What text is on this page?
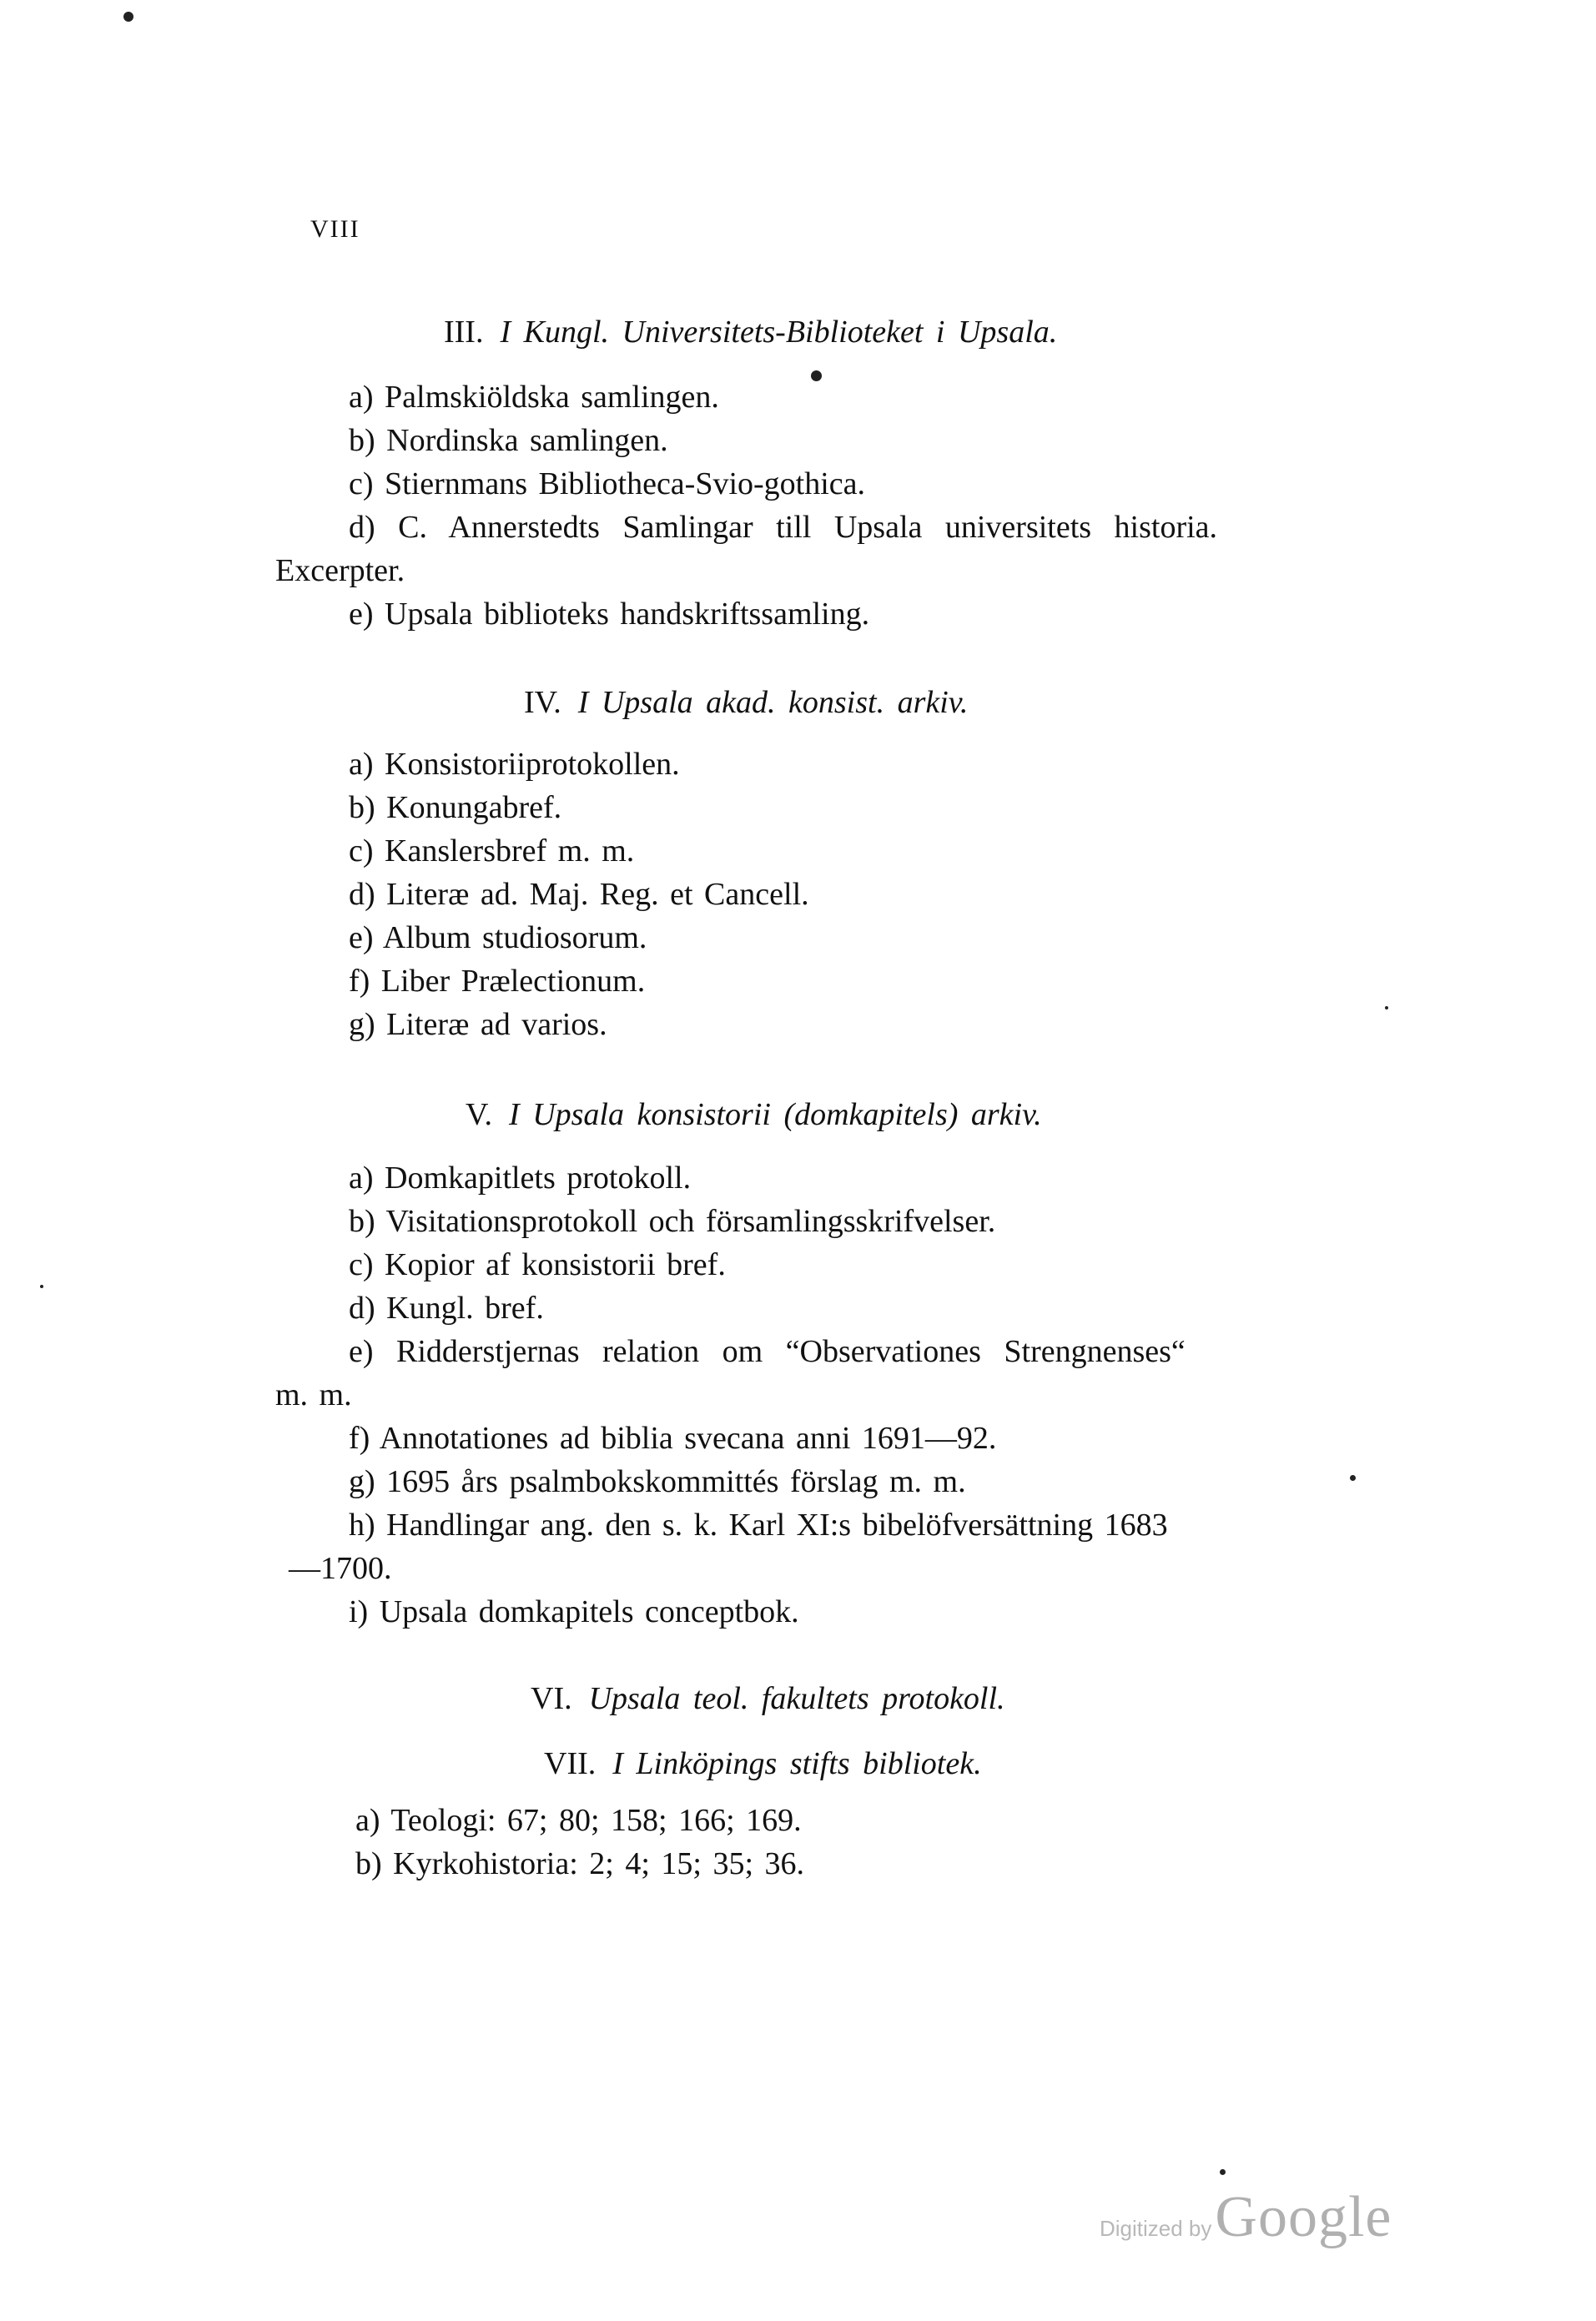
VIII
III. I Kungl. Universitets-Biblioteket i Upsala.
a) Palmskiöldska samlingen.
b) Nordinska samlingen.
c) Stiernmans Bibliotheca-Svio-gothica.
d) C. Annerstedts Samlingar till Upsala universitets historia.
Excerpter.
e) Upsala biblioteks handskriftssamling.
IV. I Upsala akad. konsist. arkiv.
a) Konsistoriiprotokollen.
b) Konungabref.
c) Kanslersbref m. m.
d) Literæ ad. Maj. Reg. et Cancell.
e) Album studiosorum.
f) Liber Prælectionum.
g) Literæ ad varios.
V. I Upsala konsistorii (domkapitels) arkiv.
a) Domkapitlets protokoll.
b) Visitationsprotokoll och församlingsskrifvelser.
c) Kopior af konsistorii bref.
d) Kungl. bref.
e) Ridderstjernas relation om “Observationes Strengnenses“
m. m.
f) Annotationes ad biblia svecana anni 1691—92.
g) 1695 års psalmbokskommittés förslag m. m.
h) Handlingar ang. den s. k. Karl XI:s bibelöfversättning 1683
—1700.
i) Upsala domkapitels conceptbok.
VI. Upsala teol. fakultets protokoll.
VII. I Linköpings stifts bibliotek.
a) Teologi: 67; 80; 158; 166; 169.
b) Kyrkohistoria: 2; 4; 15; 35; 36.
Digitized byGoogle
